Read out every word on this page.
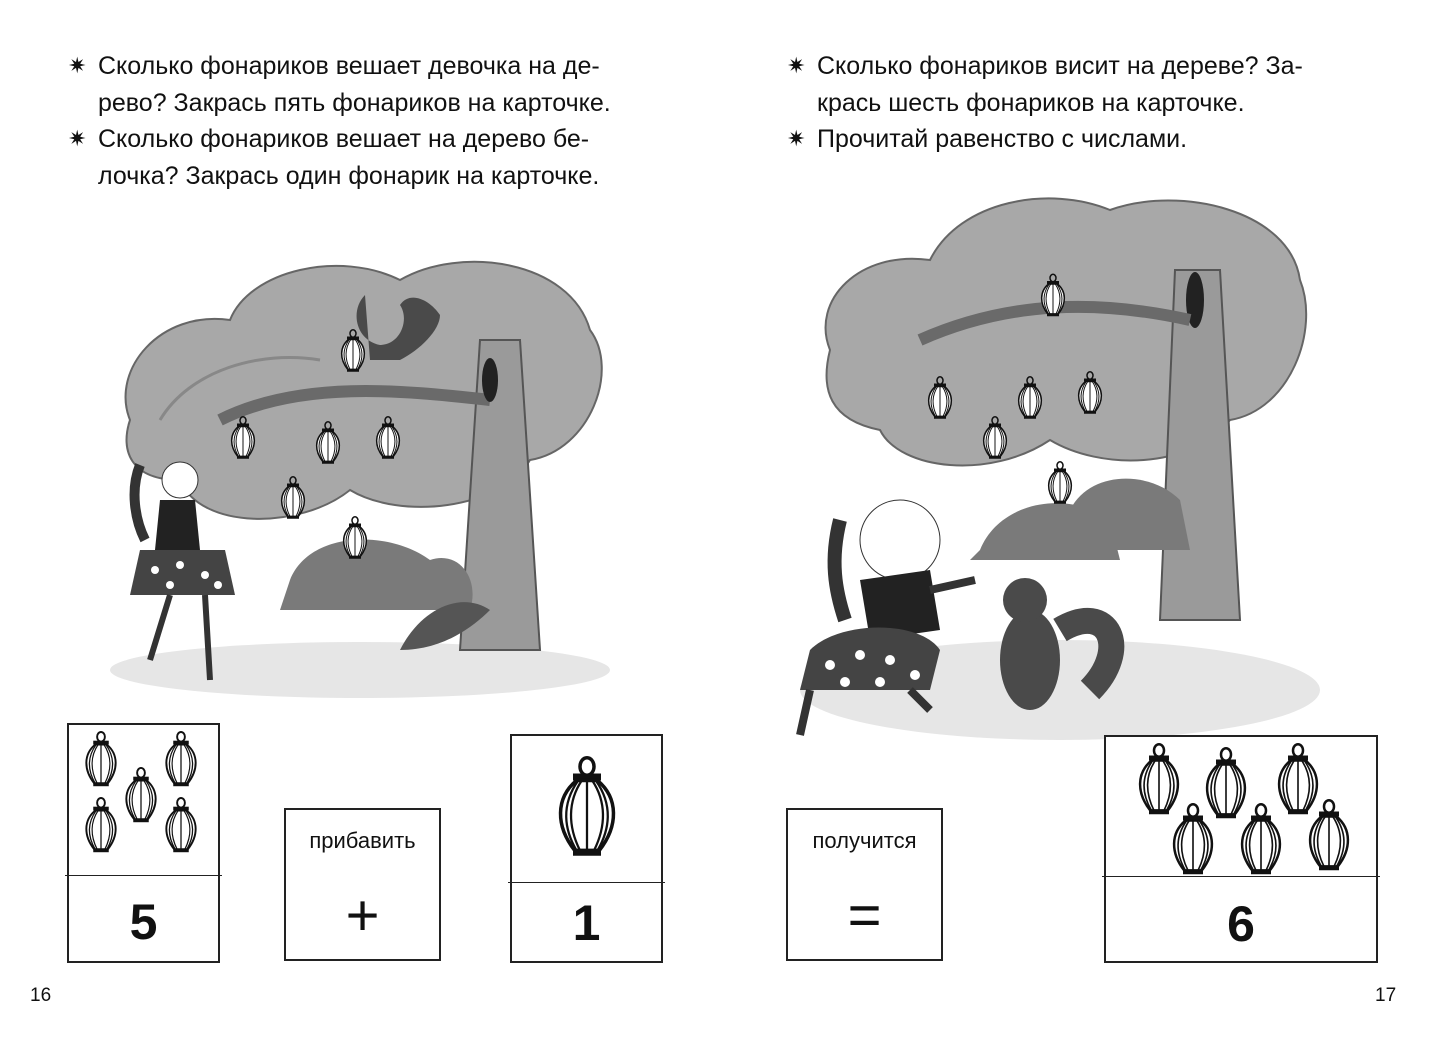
✷ Сколько фонариков вешает девочка на де-
рево? Закрась пять фонариков на карточке.
✷ Сколько фонариков вешает на дерево бе-
лочка? Закрась один фонарик на карточке.
5
прибавить
+	1
16
✷ Сколько фонариков висит на дереве? За-
крась шесть фонариков на карточке.
✷ Прочитай равенство с числами.
получится
=	6
17
